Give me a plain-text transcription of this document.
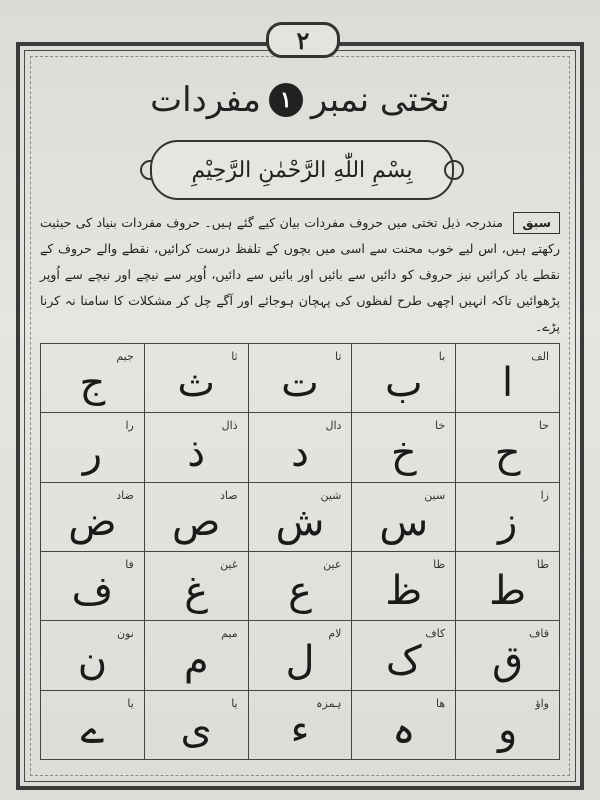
۲
تختی نمبر
۱
مفردات
بِسْمِ اللّٰهِ الرَّحْمٰنِ الرَّحِيْمِ
سبق مندرجہ ذیل تختی میں حروف مفردات بیان کیے گئے ہیں۔ حروف مفردات بنیاد کی حیثیت رکھتے ہیں، اس لیے خوب محنت سے اسی میں بچوں کے تلفظ درست کرائیں، نقطے والے حروف کے نقطے یاد کرائیں نیز حروف کو دائیں سے بائیں اور بائیں سے دائیں، اُوپر سے نیچے اور نیچے سے اُوپر پڑھوائیں تاکہ انہیں اچھی طرح لفظوں کی پہچان ہوجائے اور آگے چل کر مشکلات کا سامنا نہ کرنا پڑے۔
الف
ا
با
ب
تا
ت
ثا
ث
جیم
ج
حا
ح
خا
خ
دال
د
ذال
ذ
را
ر
زا
ز
سین
س
شین
ش
صاد
ص
ضاد
ض
طا
ط
ظا
ظ
عین
ع
غین
غ
فا
ف
قاف
ق
کاف
ک
لام
ل
میم
م
نون
ن
واؤ
و
ھا
ہ
ہمزہ
ء
یا
ی
یا
ے
